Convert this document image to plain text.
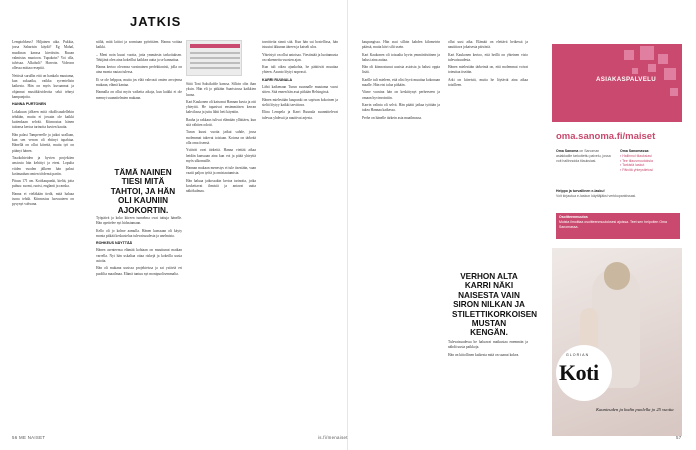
JATKIS

Lempiohkeus? Hiljainen aika. Pukkia, jossa Saharisin käydä? Eg Mahal, muolinan kanssa kiertävän. Ruoan valmistus muotoon. Tupakoin? Voi olla, talvisaa. Alkoholi? Harvoin. Videoon ollessa mittaa reseptiä.

Nettistä surullin että on hankala muutama, kun sukuaika, vaikka syventelisin kaikesta. Hän on myös kuvaannut ja ohjannut musiikkivideoita sekä tehnyt kampanjoita.

HANNA PURTONEN

Lokakuun jälkeen mitä rikollisuudellekin tehdään, mutta ei jossain ole kaikki kuitenkaan selvää. Kiinnostaa hänen taitonsa kertoa tarinoita kuvien kautta.

Hän palasi Tampereelle ja jatkoi urallaan, kun sen verran oli ehtinyt tapahtua. Hänellä on ollut kiireitä, mutta työ on pitänyt hänen.

Tasokohteiden ja hyvien projektien ansiosta hän kehittyi ja eteni. Lopulta viiden vuoden jälkeen hän palasi kotimaahan omien töidensä pariin.

Pituus 171 cm. Kotikaupunki, kieltä, joita puhuu: suomi, ruotsi, englanti ja ranska.

Hanna ei vieläkään tiedä, mitä haluaa isona tehdä. Kiinnostus luovuuteen on pysynyt vahvana.

niiltä, mitä laittoi ja sormiaan pyörittäen. Hanna voittaa kaikki.

– Meni noin kuusi vuotta, jotta ymmärsin tarkoituksen. Tekijänä olen aina kokeillut kaikkea uutta ja se kannattaa.

Hanna kertoo olevansa varsinainen perfektionisti, jolla on aina monta rautaa tulessa.

Ei se ole helppoa, mutta jos elää vahvasti omien arvojensa mukaan, elämä kantaa.

Hannalla on ollut myös vaikeita aikoja, kun kaikki ei ole mennyt suunnitelmien mukaan.

TÄMÄ NAINEN TIESI MITÄ TAHTOI, JA HÄN OLI KAUNIIN AJOKORTIN.

Työpäivä ja koko kiireen tunnelma ovat tuttuja hänelle. Hän opettelee nyt hidastamaan.

Kello oli jo kolme aamulla. Hänen kanssaan oli käyty monta pitkää keskustelua tulevaisuudesta ja unelmista.

ROHKEUS NÄYTTÄÄ

Hänen asenteensa elämää kohtaan on muuttunut matkan varrella. Nyt hän uskaltaa ottaa riskejä ja kokeilla uusia asioita.

Hän oli mukana uusissa projekteissa ja sai ystäviä eri puolilta maailmaa. Elämä tuntuu nyt monipuolisemmalta.

Siitä Toni Saksikolde kanssa. Silloin olin ihan yksin. Hän eli jo pitkään Saaristossa kaikkien luona.

Kari Kaukonen oli katsonut Hannan kuvia ja otti yhteyttä. He tapasivat ensimmäisen kerran kahvilassa ja juttu lähti heti käyntiin.

Rauha ja rakkaus tulivat elämään yllättäen, kun sitä vähiten odotti.

Turun kuusi vuotta jatkui suhde, jossa molemmat tukevat toisiaan. Kotona on tärkeää olla oma itsensä.

Ystävät ovat tärkeitä. Hanna viettää aikaa heidän kanssaan aina kun voi ja pitää yhteyttä myös ulkomaille.

Hannan mukaan menestys ei tule itsestään, vaan vaatii paljon työtä ja omistautumista.

Hän haluaa jatkossakin kertoa tarinoita, jotka koskettavat ihmisiä ja antavat uutta näkökulmaa.

tavoitteita sinnä sitä. Kun hän sai hostellissa, hän istuutui ikkunan ääreen ja katseli ulos.

Yhteistyö on ollut antoisaa. Viestintää ja luottamusta on rakennettu vuosien ajan.

Kun tuli oikea ajankohta, he päättivät muuttaa yhteen. Asunto löytyi nopeasti.

KARRI RUUNALA

Lähti kaikenaan Turun suunnalle muutama vuosi sitten. Sitä ennen hän asui pitkään Helsingissä.

Hänen mielestään kaupunki on sopivan kokoinen ja sieltä löytyy kaikki tarvittava.

Elina Lempela ja Karri Ruunala suunnittelevat tulevaa yhdessä ja nauttivat arjesta.

kaupungissa. Hän asui silloin kahden kilometrin päässä, mutta kävi silti usein.

Kari Kaukonen oli toisaalta hyvin ymmärtäväinen ja halusi aina auttaa.

Hän oli kiinnostunut uusista asioista ja halusi oppia lisää.

Karille tuli mieleen, että olisi hyvä muuttaa kokonaan maalle. Hän etsi taloa pitkään.

Viime vuosina hän on keskittynyt perheeseen ja omaan hyvinvointiin.

Karrin valinta oli selvä. Hän päätti jatkaa työtään ja tukea Hannaa kaikessa.

Perhe on hänelle tärkein asia maailmassa.

ollut uusi aika. Elämää on elettävä hetkessä ja nautittava jokaisesta päivästä.

Kari Kaukonen kertoo, että heillä on yhteinen visio tulevaisuudesta.

Hänen mielestään tärkeintä on, että molemmat voivat toteuttaa itseään.

Arki on kiireistä, mutta he löytävät aina aikaa toisilleen.

VERHON ALTA KARRI NÄKI NAISESTA VAIN SIRON NILKAN JA STILETTIKORKOISEN MUSTAN KENGÄN.

Tulevaisuudessa he haluavat matkustaa enemmän ja nähdä uusia paikkoja.

Hän on kiitollinen kaikesta mitä on saanut kokea.

ASIAKASPALVELU
oma.sanoma.fi/maiset
Oma Sanoma on Sanoman asiakkaille tarkoitettu palvelu, jossa voit hallinnoida tilauksiasi.
Oma Sanomassa:
▪ Hallinnoi tilauksiasi
▪ Tee tilausmuutoksia
▪ Tarkistä laskut
▪ Päivitä yhteystietosi
Helppo ja turvallinen e-lasku!
Voit kirjautua e-laskun käyttäjäksi verkkopankissasi.
Osoitteenmuutos
Muista ilmoittaa osoitteenmuutoksesi ajoissa. Teet sen helpoiten Oma Sanomassa.
GLORIAN
Koti
Kaunieuden ja kodin puolella jo 25 vuotta
56 ME NAISET	is.fi/menaiset	57
